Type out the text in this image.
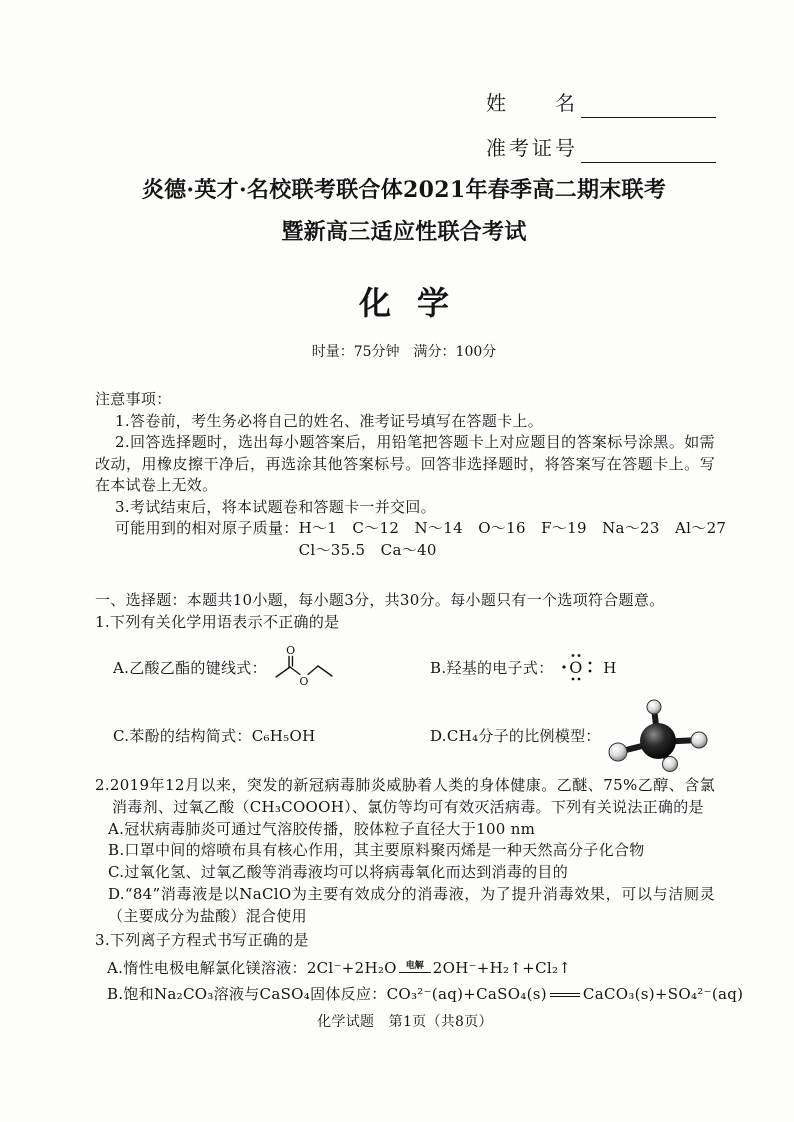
姓　名
准考证号
炎德·英才·名校联考联合体2021年春季高二期末联考
暨新高三适应性联合考试
化学
时量：75分钟　满分：100分
注意事项：
1.答卷前，考生务必将自己的姓名、准考证号填写在答题卡上。
2.回答选择题时，选出每小题答案后，用铅笔把答题卡上对应题目的答案标号涂黑。如需改动，用橡皮擦干净后，再选涂其他答案标号。回答非选择题时，将答案写在答题卡上。写在本试卷上无效。
3.考试结束后，将本试题卷和答题卡一并交回。
可能用到的相对原子质量： H～1　C～12　N～14　O～16　F～19　Na～23　Al～27
Cl～35.5　Ca～40
一、选择题：本题共10小题，每小题3分，共30分。每小题只有一个选项符合题意。
1.下列有关化学用语表示不正确的是
A.乙酸乙酯的键线式：
O
O
B.羟基的电子式： O H
C.苯酚的结构简式：C₆H₅OH	D.CH₄分子的比例模型：
2.2019年12月以来，突发的新冠病毒肺炎威胁着人类的身体健康。乙醚、75%乙醇、含氯消毒剂、过氧乙酸（CH₃COOOH）、氯仿等均可有效灭活病毒。下列有关说法正确的是
A.冠状病毒肺炎可通过气溶胶传播，胶体粒子直径大于100 nm
B.口罩中间的熔喷布具有核心作用，其主要原料聚丙烯是一种天然高分子化合物
C.过氧化氢、过氧乙酸等消毒液均可以将病毒氧化而达到消毒的目的
D.“84”消毒液是以NaClO为主要有效成分的消毒液，为了提升消毒效果，可以与洁厕灵（主要成分为盐酸）混合使用
3.下列离子方程式书写正确的是
A.惰性电极电解氯化镁溶液：2Cl⁻+2H₂O 电解 2OH⁻+H₂↑+Cl₂↑
B.饱和Na₂CO₃溶液与CaSO₄固体反应：CO₃²⁻(aq)+CaSO₄(s) CaCO₃(s)+SO₄²⁻(aq)
化学试题　第1页（共8页）
